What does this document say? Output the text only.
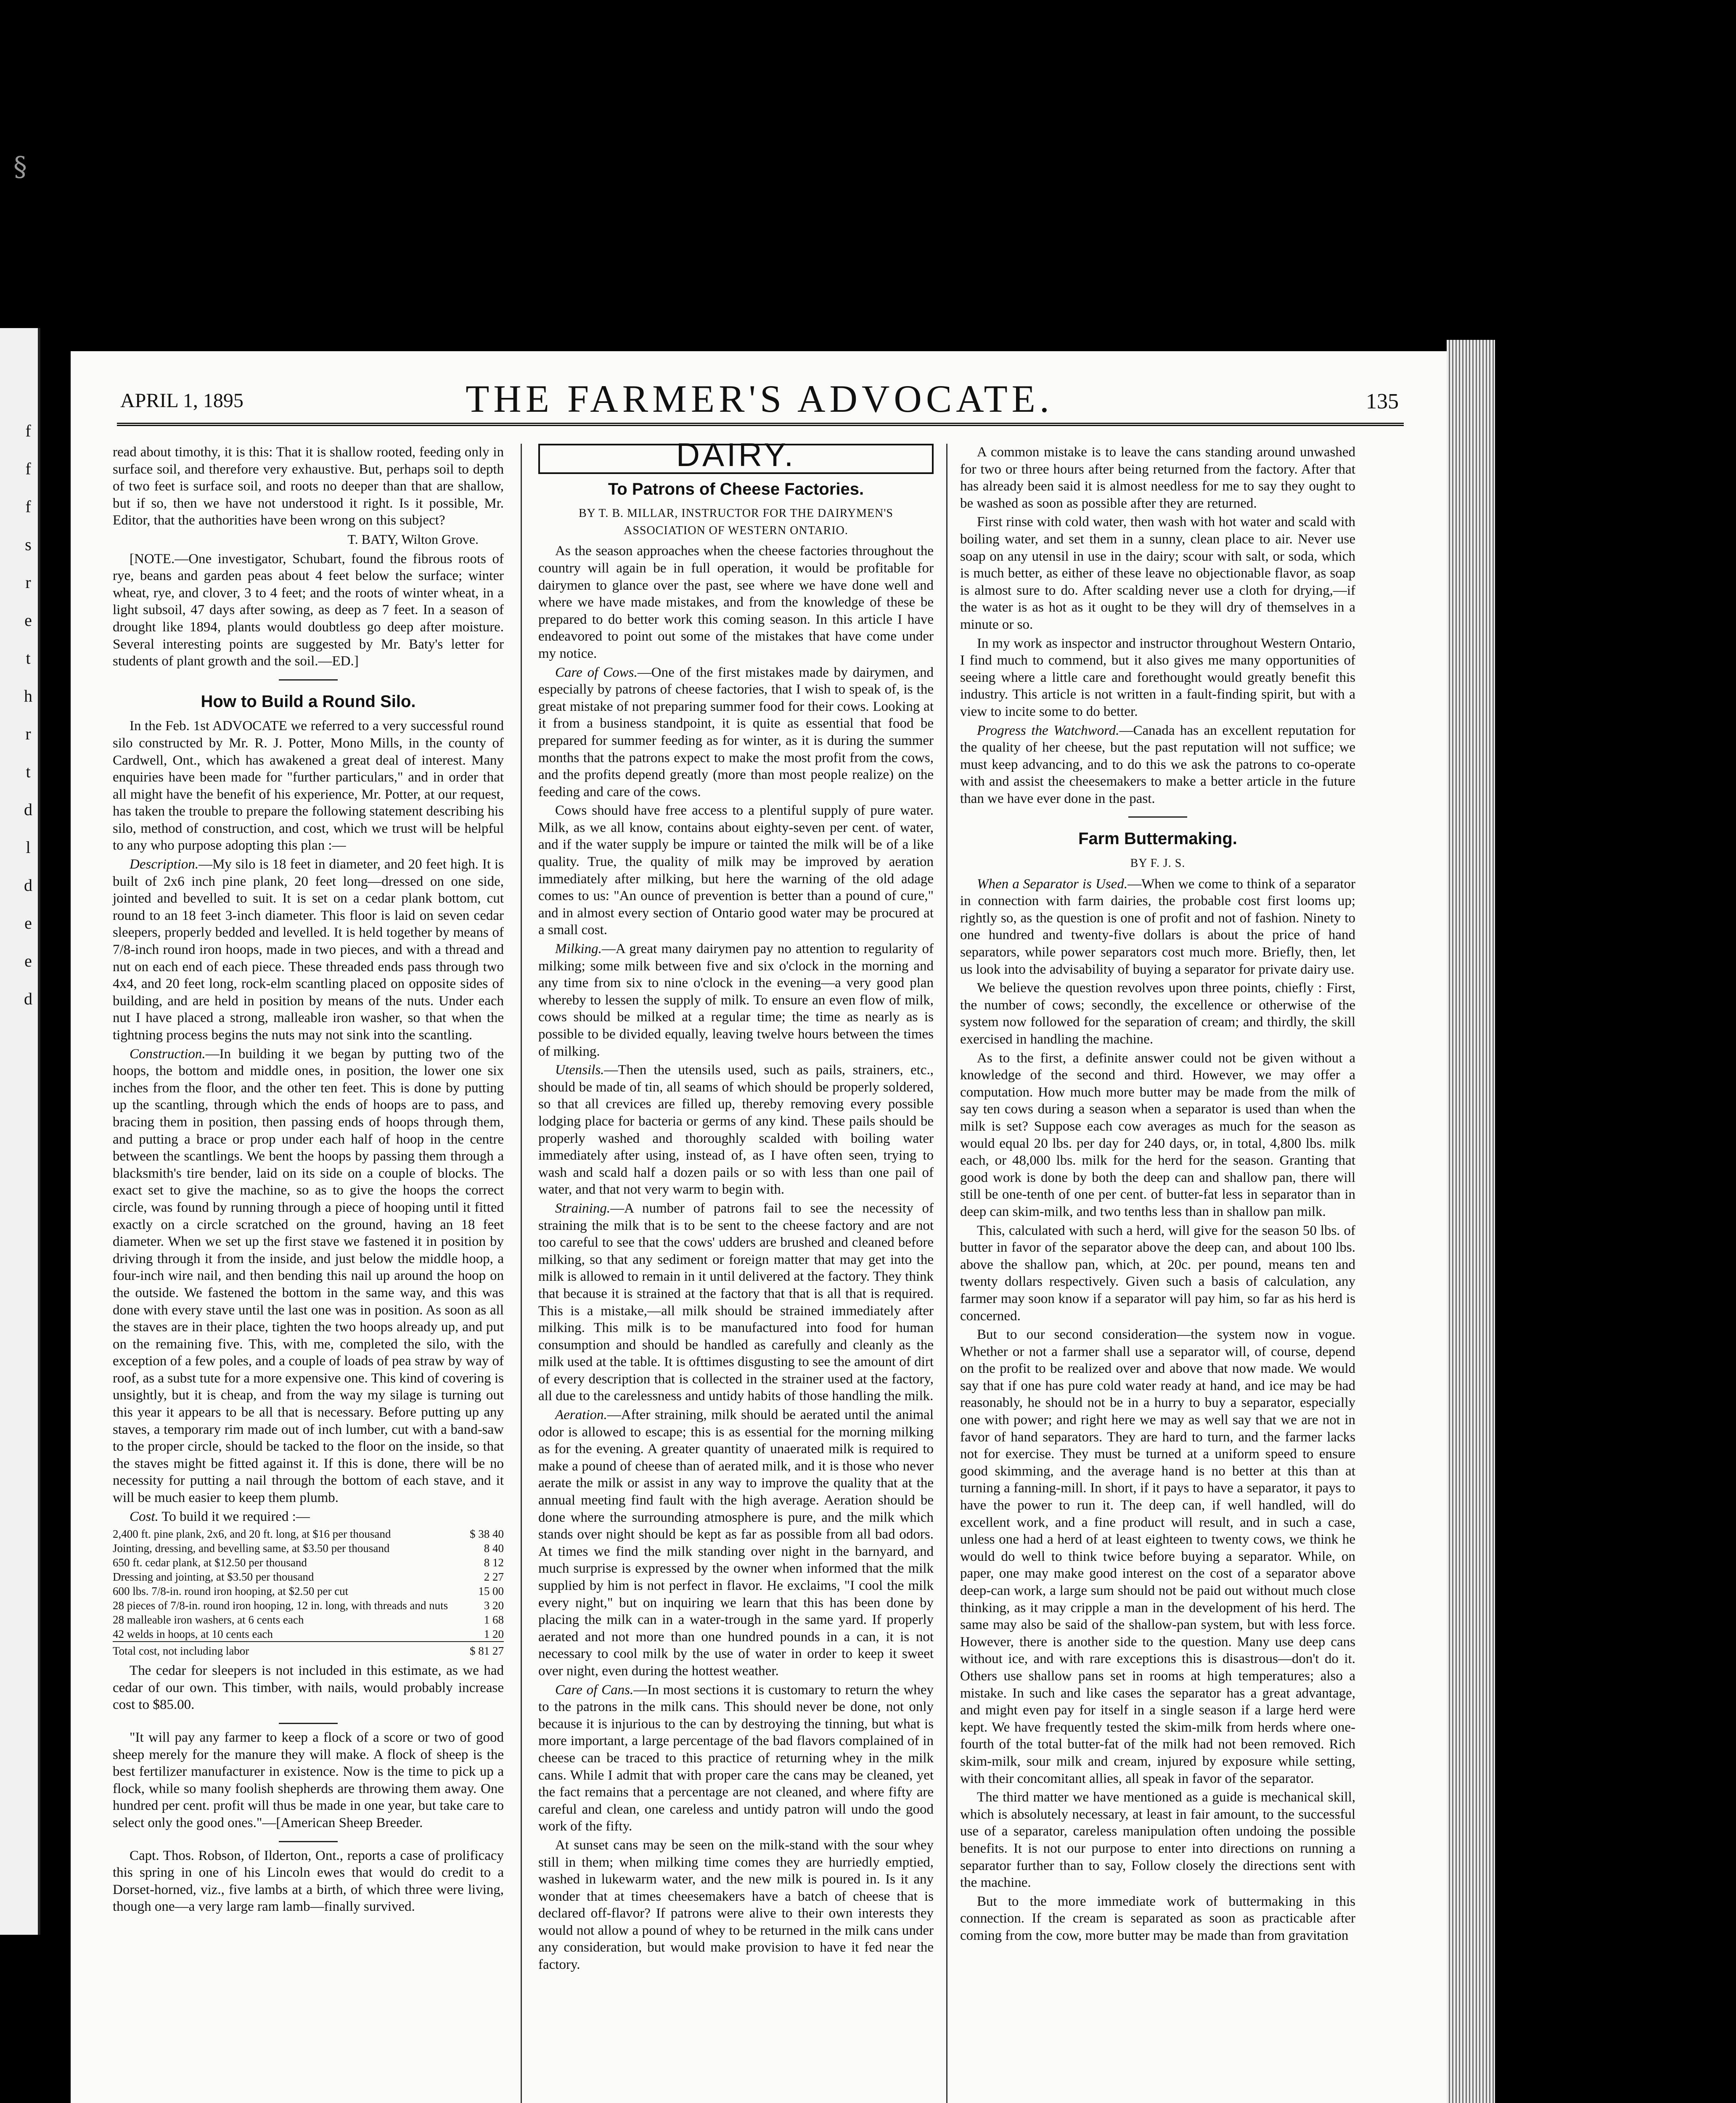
f
f
f
s
r
e
t
h
r
t
d
l
d
e
e
d
§
APRIL 1, 1895	THE FARMER'S ADVOCATE.	135

read about timothy, it is this: That it is shallow rooted, feeding only in surface soil, and therefore very exhaustive. But, perhaps soil to depth of two feet is surface soil, and roots no deeper than that are shallow, but if so, then we have not understood it right. Is it possible, Mr. Editor, that the authorities have been wrong on this subject?

T. BATY, Wilton Grove.

[NOTE.—One investigator, Schubart, found the fibrous roots of rye, beans and garden peas about 4 feet below the surface; winter wheat, rye, and clover, 3 to 4 feet; and the roots of winter wheat, in a light subsoil, 47 days after sowing, as deep as 7 feet. In a season of drought like 1894, plants would doubtless go deep after moisture. Several interesting points are suggested by Mr. Baty's letter for students of plant growth and the soil.—ED.]

How to Build a Round Silo.

In the Feb. 1st ADVOCATE we referred to a very successful round silo constructed by Mr. R. J. Potter, Mono Mills, in the county of Cardwell, Ont., which has awakened a great deal of interest. Many enquiries have been made for "further particulars," and in order that all might have the benefit of his experience, Mr. Potter, at our request, has taken the trouble to prepare the following statement describing his silo, method of construction, and cost, which we trust will be helpful to any who purpose adopting this plan :—

Description.—My silo is 18 feet in diameter, and 20 feet high. It is built of 2x6 inch pine plank, 20 feet long—dressed on one side, jointed and bevelled to suit. It is set on a cedar plank bottom, cut round to an 18 feet 3-inch diameter. This floor is laid on seven cedar sleepers, properly bedded and levelled. It is held together by means of 7/8-inch round iron hoops, made in two pieces, and with a thread and nut on each end of each piece. These threaded ends pass through two 4x4, and 20 feet long, rock-elm scantling placed on opposite sides of building, and are held in position by means of the nuts. Under each nut I have placed a strong, malleable iron washer, so that when the tightning process begins the nuts may not sink into the scantling.

Construction.—In building it we began by putting two of the hoops, the bottom and middle ones, in position, the lower one six inches from the floor, and the other ten feet. This is done by putting up the scantling, through which the ends of hoops are to pass, and bracing them in position, then passing ends of hoops through them, and putting a brace or prop under each half of hoop in the centre between the scantlings. We bent the hoops by passing them through a blacksmith's tire bender, laid on its side on a couple of blocks. The exact set to give the machine, so as to give the hoops the correct circle, was found by running through a piece of hooping until it fitted exactly on a circle scratched on the ground, having an 18 feet diameter. When we set up the first stave we fastened it in position by driving through it from the inside, and just below the middle hoop, a four-inch wire nail, and then bending this nail up around the hoop on the outside. We fastened the bottom in the same way, and this was done with every stave until the last one was in position. As soon as all the staves are in their place, tighten the two hoops already up, and put on the remaining five. This, with me, completed the silo, with the exception of a few poles, and a couple of loads of pea straw by way of roof, as a subst tute for a more expensive one. This kind of covering is unsightly, but it is cheap, and from the way my silage is turning out this year it appears to be all that is necessary. Before putting up any staves, a temporary rim made out of inch lumber, cut with a band-saw to the proper circle, should be tacked to the floor on the inside, so that the staves might be fitted against it. If this is done, there will be no necessity for putting a nail through the bottom of each stave, and it will be much easier to keep them plumb.

Cost. To build it we required :—

2,400 ft. pine plank, 2x6, and 20 ft. long, at $16 per thousand	$ 38 40
Jointing, dressing, and bevelling same, at $3.50 per thousand	8 40
650 ft. cedar plank, at $12.50 per thousand	8 12
Dressing and jointing, at $3.50 per thousand	2 27
600 lbs. 7/8-in. round iron hooping, at $2.50 per cut	15 00
28 pieces of 7/8-in. round iron hooping, 12 in. long, with threads and nuts	3 20
28 malleable iron washers, at 6 cents each	1 68
42 welds in hoops, at 10 cents each	1 20
Total cost, not including labor	$ 81 27

The cedar for sleepers is not included in this estimate, as we had cedar of our own. This timber, with nails, would probably increase cost to $85.00.

"It will pay any farmer to keep a flock of a score or two of good sheep merely for the manure they will make. A flock of sheep is the best fertilizer manufacturer in existence. Now is the time to pick up a flock, while so many foolish shepherds are throwing them away. One hundred per cent. profit will thus be made in one year, but take care to select only the good ones."—[American Sheep Breeder.

Capt. Thos. Robson, of Ilderton, Ont., reports a case of prolificacy this spring in one of his Lincoln ewes that would do credit to a Dorset-horned, viz., five lambs at a birth, of which three were living, though one—a very large ram lamb—finally survived.

DAIRY.
To Patrons of Cheese Factories.
BY T. B. MILLAR, INSTRUCTOR FOR THE DAIRYMEN'S ASSOCIATION OF WESTERN ONTARIO.

As the season approaches when the cheese factories throughout the country will again be in full operation, it would be profitable for dairymen to glance over the past, see where we have done well and where we have made mistakes, and from the knowledge of these be prepared to do better work this coming season. In this article I have endeavored to point out some of the mistakes that have come under my notice.

Care of Cows.—One of the first mistakes made by dairymen, and especially by patrons of cheese factories, that I wish to speak of, is the great mistake of not preparing summer food for their cows. Looking at it from a business standpoint, it is quite as essential that food be prepared for summer feeding as for winter, as it is during the summer months that the patrons expect to make the most profit from the cows, and the profits depend greatly (more than most people realize) on the feeding and care of the cows.

Cows should have free access to a plentiful supply of pure water. Milk, as we all know, contains about eighty-seven per cent. of water, and if the water supply be impure or tainted the milk will be of a like quality. True, the quality of milk may be improved by aeration immediately after milking, but here the warning of the old adage comes to us: "An ounce of prevention is better than a pound of cure," and in almost every section of Ontario good water may be procured at a small cost.

Milking.—A great many dairymen pay no attention to regularity of milking; some milk between five and six o'clock in the morning and any time from six to nine o'clock in the evening—a very good plan whereby to lessen the supply of milk. To ensure an even flow of milk, cows should be milked at a regular time; the time as nearly as is possible to be divided equally, leaving twelve hours between the times of milking.

Utensils.—Then the utensils used, such as pails, strainers, etc., should be made of tin, all seams of which should be properly soldered, so that all crevices are filled up, thereby removing every possible lodging place for bacteria or germs of any kind. These pails should be properly washed and thoroughly scalded with boiling water immediately after using, instead of, as I have often seen, trying to wash and scald half a dozen pails or so with less than one pail of water, and that not very warm to begin with.

Straining.—A number of patrons fail to see the necessity of straining the milk that is to be sent to the cheese factory and are not too careful to see that the cows' udders are brushed and cleaned before milking, so that any sediment or foreign matter that may get into the milk is allowed to remain in it until delivered at the factory. They think that because it is strained at the factory that that is all that is required. This is a mistake,—all milk should be strained immediately after milking. This milk is to be manufactured into food for human consumption and should be handled as carefully and cleanly as the milk used at the table. It is ofttimes disgusting to see the amount of dirt of every description that is collected in the strainer used at the factory, all due to the carelessness and untidy habits of those handling the milk.

Aeration.—After straining, milk should be aerated until the animal odor is allowed to escape; this is as essential for the morning milking as for the evening. A greater quantity of unaerated milk is required to make a pound of cheese than of aerated milk, and it is those who never aerate the milk or assist in any way to improve the quality that at the annual meeting find fault with the high average. Aeration should be done where the surrounding atmosphere is pure, and the milk which stands over night should be kept as far as possible from all bad odors. At times we find the milk standing over night in the barnyard, and much surprise is expressed by the owner when informed that the milk supplied by him is not perfect in flavor. He exclaims, "I cool the milk every night," but on inquiring we learn that this has been done by placing the milk can in a water-trough in the same yard. If properly aerated and not more than one hundred pounds in a can, it is not necessary to cool milk by the use of water in order to keep it sweet over night, even during the hottest weather.

Care of Cans.—In most sections it is customary to return the whey to the patrons in the milk cans. This should never be done, not only because it is injurious to the can by destroying the tinning, but what is more important, a large percentage of the bad flavors complained of in cheese can be traced to this practice of returning whey in the milk cans. While I admit that with proper care the cans may be cleaned, yet the fact remains that a percentage are not cleaned, and where fifty are careful and clean, one careless and untidy patron will undo the good work of the fifty.

At sunset cans may be seen on the milk-stand with the sour whey still in them; when milking time comes they are hurriedly emptied, washed in lukewarm water, and the new milk is poured in. Is it any wonder that at times cheesemakers have a batch of cheese that is declared off-flavor? If patrons were alive to their own interests they would not allow a pound of whey to be returned in the milk cans under any consideration, but would make provision to have it fed near the factory.

A common mistake is to leave the cans standing around unwashed for two or three hours after being returned from the factory. After that has already been said it is almost needless for me to say they ought to be washed as soon as possible after they are returned.

First rinse with cold water, then wash with hot water and scald with boiling water, and set them in a sunny, clean place to air. Never use soap on any utensil in use in the dairy; scour with salt, or soda, which is much better, as either of these leave no objectionable flavor, as soap is almost sure to do. After scalding never use a cloth for drying,—if the water is as hot as it ought to be they will dry of themselves in a minute or so.

In my work as inspector and instructor throughout Western Ontario, I find much to commend, but it also gives me many opportunities of seeing where a little care and forethought would greatly benefit this industry. This article is not written in a fault-finding spirit, but with a view to incite some to do better.

Progress the Watchword.—Canada has an excellent reputation for the quality of her cheese, but the past reputation will not suffice; we must keep advancing, and to do this we ask the patrons to co-operate with and assist the cheesemakers to make a better article in the future than we have ever done in the past.

Farm Buttermaking.
BY F. J. S.

When a Separator is Used.—When we come to think of a separator in connection with farm dairies, the probable cost first looms up; rightly so, as the question is one of profit and not of fashion. Ninety to one hundred and twenty-five dollars is about the price of hand separators, while power separators cost much more. Briefly, then, let us look into the advisability of buying a separator for private dairy use.

We believe the question revolves upon three points, chiefly : First, the number of cows; secondly, the excellence or otherwise of the system now followed for the separation of cream; and thirdly, the skill exercised in handling the machine.

As to the first, a definite answer could not be given without a knowledge of the second and third. However, we may offer a computation. How much more butter may be made from the milk of say ten cows during a season when a separator is used than when the milk is set? Suppose each cow averages as much for the season as would equal 20 lbs. per day for 240 days, or, in total, 4,800 lbs. milk each, or 48,000 lbs. milk for the herd for the season. Granting that good work is done by both the deep can and shallow pan, there will still be one-tenth of one per cent. of butter-fat less in separator than in deep can skim-milk, and two tenths less than in shallow pan milk.

This, calculated with such a herd, will give for the season 50 lbs. of butter in favor of the separator above the deep can, and about 100 lbs. above the shallow pan, which, at 20c. per pound, means ten and twenty dollars respectively. Given such a basis of calculation, any farmer may soon know if a separator will pay him, so far as his herd is concerned.

But to our second consideration—the system now in vogue. Whether or not a farmer shall use a separator will, of course, depend on the profit to be realized over and above that now made. We would say that if one has pure cold water ready at hand, and ice may be had reasonably, he should not be in a hurry to buy a separator, especially one with power; and right here we may as well say that we are not in favor of hand separators. They are hard to turn, and the farmer lacks not for exercise. They must be turned at a uniform speed to ensure good skimming, and the average hand is no better at this than at turning a fanning-mill. In short, if it pays to have a separator, it pays to have the power to run it. The deep can, if well handled, will do excellent work, and a fine product will result, and in such a case, unless one had a herd of at least eighteen to twenty cows, we think he would do well to think twice before buying a separator. While, on paper, one may make good interest on the cost of a separator above deep-can work, a large sum should not be paid out without much close thinking, as it may cripple a man in the development of his herd. The same may also be said of the shallow-pan system, but with less force. However, there is another side to the question. Many use deep cans without ice, and with rare exceptions this is disastrous—don't do it. Others use shallow pans set in rooms at high temperatures; also a mistake. In such and like cases the separator has a great advantage, and might even pay for itself in a single season if a large herd were kept. We have frequently tested the skim-milk from herds where one-fourth of the total butter-fat of the milk had not been removed. Rich skim-milk, sour milk and cream, injured by exposure while setting, with their concomitant allies, all speak in favor of the separator.

The third matter we have mentioned as a guide is mechanical skill, which is absolutely necessary, at least in fair amount, to the successful use of a separator, careless manipulation often undoing the possible benefits. It is not our purpose to enter into directions on running a separator further than to say, Follow closely the directions sent with the machine.

But to the more immediate work of buttermaking in this connection. If the cream is separated as soon as practicable after coming from the cow, more butter may be made than from gravitation
